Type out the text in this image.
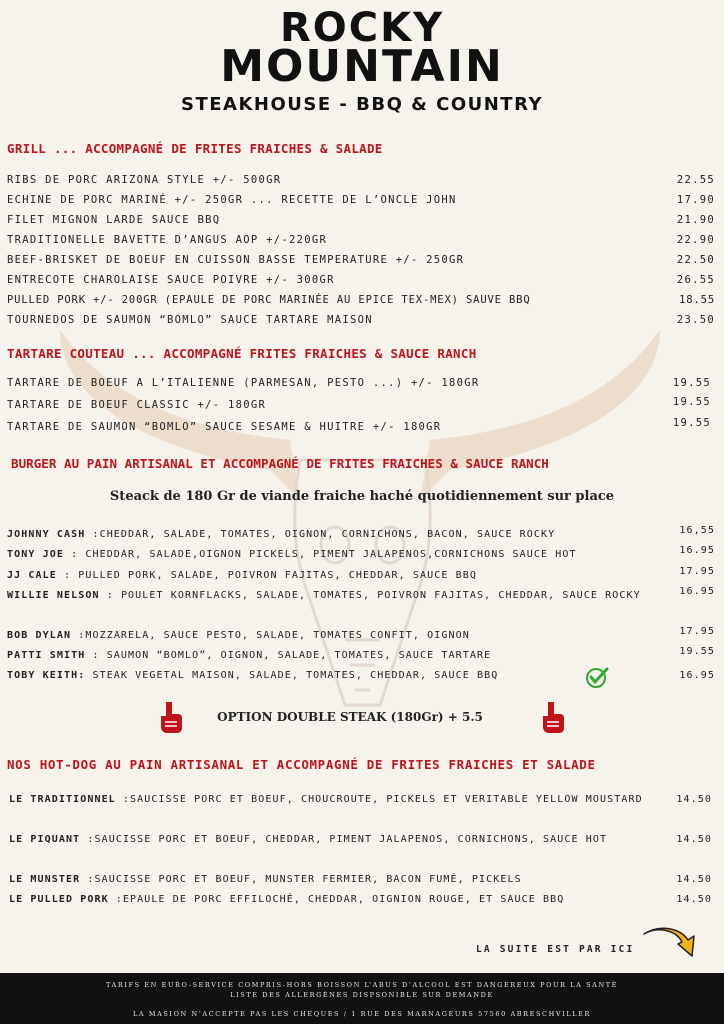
ROCKY
MOUNTAIN
STEAKHOUSE - BBQ & COUNTRY
GRILL ... ACCOMPAGNÉ DE FRITES FRAICHES & SALADE
RIBS DE PORC ARIZONA STYLE +/- 500GR	22.55
ECHINE DE PORC MARINÉ +/- 250GR ... RECETTE DE L’ONCLE JOHN	17.90
FILET MIGNON LARDE SAUCE BBQ	21.90
TRADITIONELLE BAVETTE D’ANGUS AOP +/-220GR	22.90
BEEF-BRISKET DE BOEUF EN CUISSON BASSE TEMPERATURE +/- 250GR	22.50
ENTRECOTE CHAROLAISE SAUCE POIVRE +/- 300GR	26.55
PULLED PORK +/- 200GR (EPAULE DE PORC MARINÉE AU EPICE TEX-MEX) SAUVE BBQ	18.55
TOURNEDOS DE SAUMON “BOMLO” SAUCE TARTARE MAISON	23.50
TARTARE COUTEAU ... ACCOMPAGNÉ FRITES FRAICHES & SAUCE RANCH
TARTARE DE BOEUF A L’ITALIENNE (PARMESAN, PESTO ...) +/- 180GR	19.55
TARTARE DE BOEUF CLASSIC +/- 180GR	19.55
TARTARE DE SAUMON “BOMLO” SAUCE SESAME & HUITRE +/- 180GR	19.55
BURGER AU PAIN ARTISANAL ET ACCOMPAGNÉ DE FRITES FRAICHES & SAUCE RANCH
Steack de 180 Gr de viande fraiche haché quotidiennement sur place
JOHNNY CASH :CHEDDAR, SALADE, TOMATES, OIGNON, CORNICHONS, BACON, SAUCE ROCKY	16,55
TONY JOE : CHEDDAR, SALADE,OIGNON PICKELS, PIMENT JALAPENOS,CORNICHONS SAUCE HOT	16.95
JJ CALE : PULLED PORK, SALADE, POIVRON FAJITAS, CHEDDAR, SAUCE BBQ	17.95
WILLIE NELSON : POULET KORNFLACKS, SALADE, TOMATES, POIVRON FAJITAS, CHEDDAR, SAUCE ROCKY	16.95
BOB DYLAN :MOZZARELA, SAUCE PESTO, SALADE, TOMATES CONFIT, OIGNON	17.95
PATTI SMITH : SAUMON “BOMLO”, OIGNON, SALADE, TOMATES, SAUCE TARTARE	19.55
TOBY KEITH: STEAK VEGETAL MAISON, SALADE, TOMATES, CHEDDAR, SAUCE BBQ	16.95
OPTION DOUBLE STEAK (180Gr) + 5.5
NOS HOT-DOG AU PAIN ARTISANAL ET ACCOMPAGNÉ DE FRITES FRAICHES ET SALADE
LE TRADITIONNEL :SAUCISSE PORC ET BOEUF, CHOUCROUTE, PICKELS ET VERITABLE YELLOW MOUSTARD	14.50
LE PIQUANT :SAUCISSE PORC ET BOEUF, CHEDDAR, PIMENT JALAPENOS, CORNICHONS, SAUCE HOT	14.50
LE MUNSTER :SAUCISSE PORC ET BOEUF, MUNSTER FERMIER, BACON FUMÉ, PICKELS	14.50
LE PULLED PORK :EPAULE DE PORC EFFILOCHÉ, CHEDDAR, OIGNION ROUGE, ET SAUCE BBQ	14.50
LA SUITE EST PAR ICI
TARIFS EN EURO-SERVICE COMPRIS-HORS BOISSON L’ABUS D’ALCOOL EST DANGEREUX POUR LA SANTÉ
LISTE DES ALLERGÈNES DISPSONIBLE SUR DEMANDE
LA MASION N’ACCEPTE PAS LES CHEQUES / 1 RUE DES MARNAGEURS 57560 ABRESCHVILLER
